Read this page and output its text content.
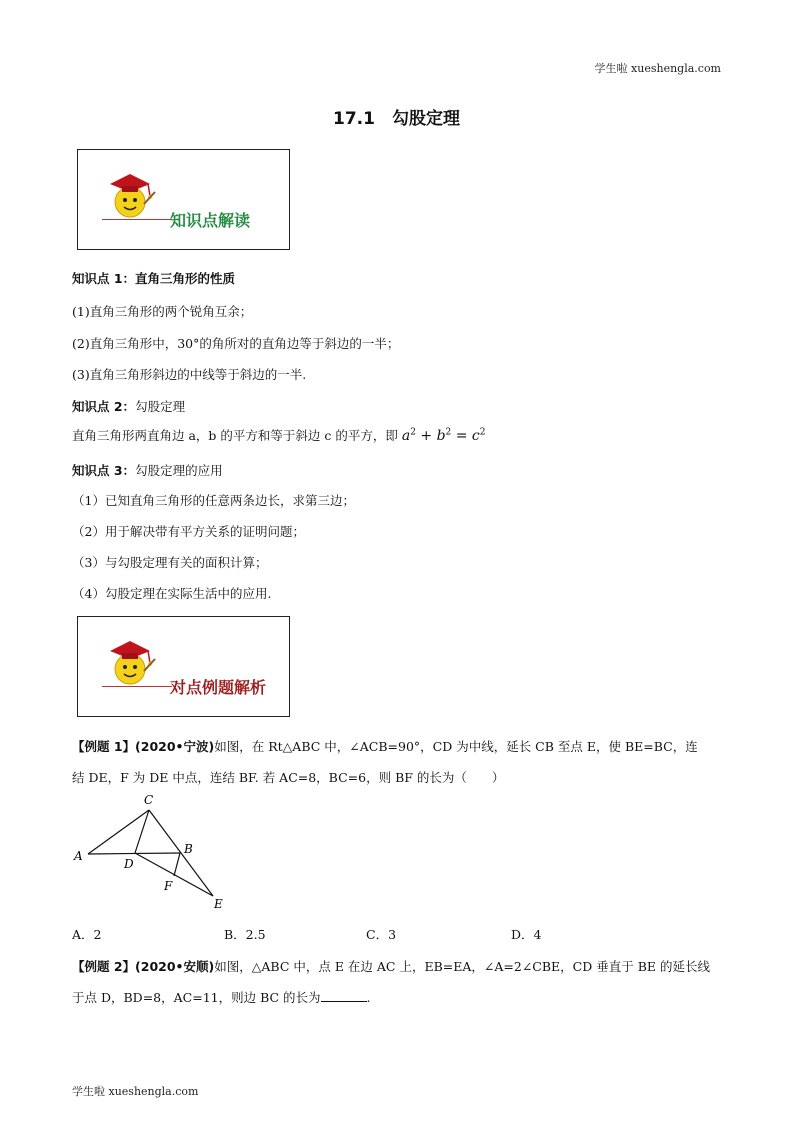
学生啦 xueshengla.com
17.1　勾股定理
知识点解读
知识点 1：直角三角形的性质
(1)直角三角形的两个锐角互余；
(2)直角三角形中，30°的角所对的直角边等于斜边的一半；
(3)直角三角形斜边的中线等于斜边的一半.
知识点 2：勾股定理
直角三角形两直角边 a，b 的平方和等于斜边 c 的平方，即 $a^2 + b^2 = c^2$
知识点 3：勾股定理的应用
（1）已知直角三角形的任意两条边长，求第三边；
（2）用于解决带有平方关系的证明问题；
（3）与勾股定理有关的面积计算；
（4）勾股定理在实际生活中的应用.
对点例题解析
【例题 1】(2020•宁波)如图，在 Rt△ABC 中，∠ACB=90°，CD 为中线，延长 CB 至点 E，使 BE=BC，连
结 DE，F 为 DE 中点，连结 BF. 若 AC=8，BC=6，则 BF 的长为（　　）
A
C
B
D
F
E
A．2	B．2.5	C．3	D．4
【例题 2】(2020•安顺)如图，△ABC 中，点 E 在边 AC 上，EB=EA，∠A=2∠CBE，CD 垂直于 BE 的延长线
于点 D，BD=8，AC=11，则边 BC 的长为	.
学生啦 xueshengla.com
